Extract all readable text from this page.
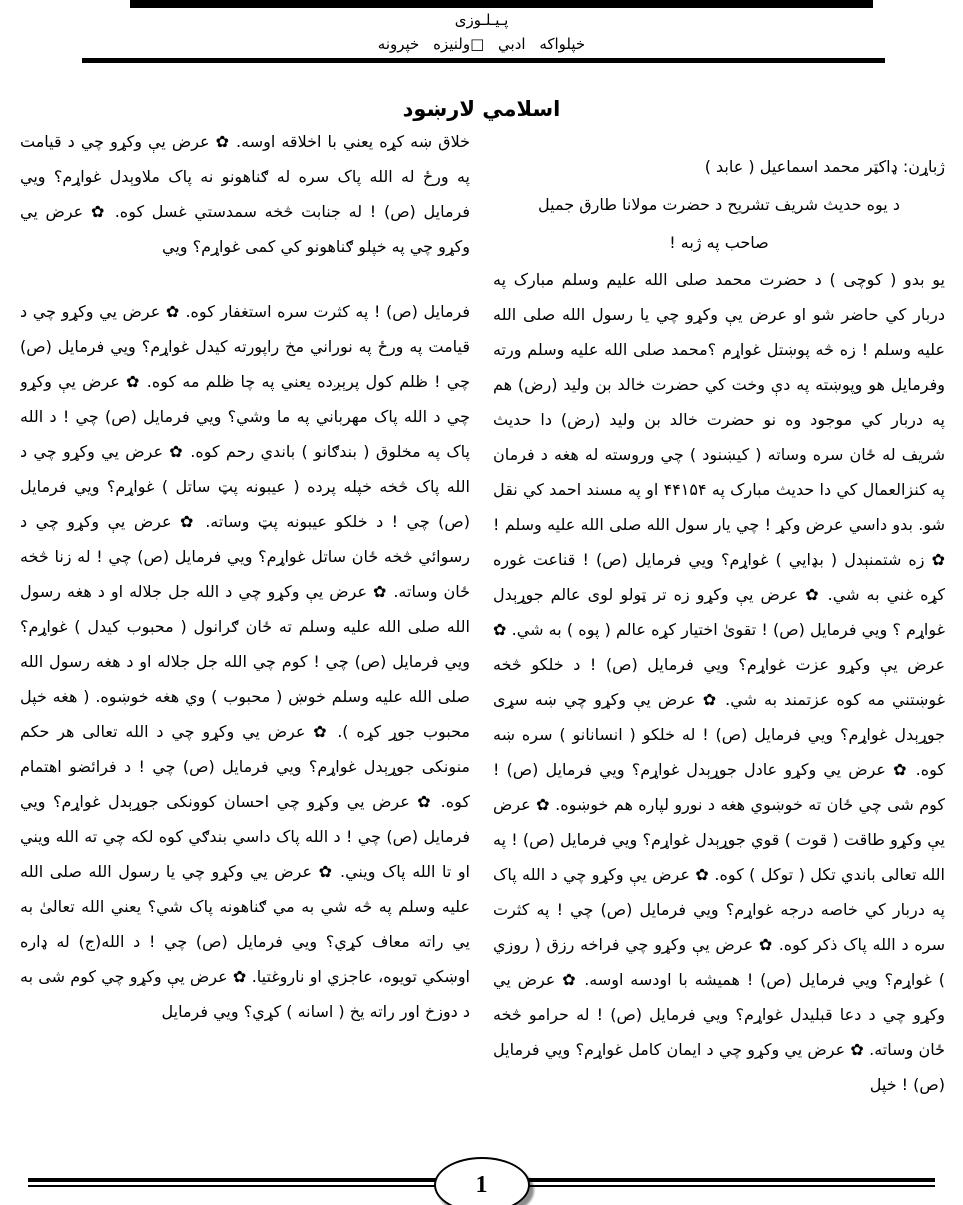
پـيـلـوزی
خپلواکه ادبي □ولنيزه خپرونه
اسلامي لارښود

ژباړن: ډاکټر محمد اسماعيل ( عابد )

د يوه حديث شريف تشريح د حضرت مولانا طارق جميل

صاحب په ژبه !

يو بدو ( کوچی ) د حضرت محمد صلی الله عليم وسلم مبارک په دربار کي حاضر شو او عرض يې وکړو چي يا رسول الله صلی الله عليه وسلم ! زه څه پوښتل غواړم ؟محمد صلی الله عليه وسلم ورته وفرمايل هو وپوښته په دې وخت کي حضرت خالد بن وليد (رض) هم په دربار کي موجود وه نو حضرت خالد بن وليد (رض) دا حديث شريف له ځان سره وساته ( کيښنود ) چي وروسته له هغه د فرمان په کنزالعمال کي دا حديث مبارک په ۴۴۱۵۴ او په مسند احمد کي نقل شو. بدو داسي عرض وکړ ! چي يار سول الله صلی الله عليه وسلم ! ✿ زه شتمنېدل ( بډايي ) غواړم؟ ويي فرمايل (ص) ! قناعت غوره کړه غني به شي. ✿ عرض يې وکړو زه تر ټولو لوی عالم جوړېدل غواړم ؟ ويي فرمايل (ص) ! تقویٰ اختيار کړه عالم ( پوه ) به شي. ✿ عرض يې وکړو عزت غواړم؟ ويي فرمايل (ص) ! د خلکو څخه غوښتني مه کوه عزتمند به شي. ✿ عرض يې وکړو چي ښه سړی جوړېدل غواړم؟ ويي فرمايل (ص) ! له خلکو ( انسانانو ) سره ښه کوه. ✿ عرض يي وکړو عادل جوړېدل غواړم؟ ويي فرمايل (ص) ! کوم شی چي ځان ته خوښوي هغه د نورو لپاره هم خوښوه. ✿ عرض يې وکړو طاقت ( قوت ) قوي جوړېدل غواړم؟ ويي فرمايل (ص) ! په الله تعالی باندي تکل ( توکل ) کوه. ✿ عرض يې وکړو چي د الله پاک په دربار کي خاصه درجه غواړم؟ ويي فرمايل (ص) چي ! په کثرت سره د الله پاک ذکر کوه. ✿ عرض يې وکړو چي فراخه رزق ( روزي ) غواړم؟ ويي فرمايل (ص) ! هميشه با اودسه اوسه. ✿ عرض يي وکړو چي د دعا قبليدل غواړم؟ ويي فرمايل (ص) ! له حرامو څخه ځان وساته. ✿ عرض يي وکړو چي د ايمان کامل غواړم؟ ويي فرمايل (ص) ! خپل

خلاق ښه کړه يعني با اخلاقه اوسه. ✿ عرض يې وکړو چي د قيامت په ورځ له الله پاک سره له ګناهونو نه پاک ملاوېدل غواړم؟ ويي فرمايل (ص) ! له جنابت څخه سمدستي غسل کوه. ✿ عرض يي وکړو چي په خپلو ګناهونو کي کمی غواړم؟ ويي

فرمايل (ص) ! په کثرت سره استغفار کوه. ✿ عرض يي وکړو چي د قيامت په ورځ په نوراني مخ راپورته کيدل غواړم؟ ويي فرمايل (ص) چي ! ظلم کول پرېږده يعني په چا ظلم مه کوه. ✿ عرض يې وکړو چي د الله پاک مهرباني په ما وشي؟ ويي فرمايل (ص) چي ! د الله پاک په مخلوق ( بندګانو ) باندي رحم کوه. ✿ عرض يي وکړو چي د الله پاک څخه خپله پرده ( عيبونه پټ ساتل ) غواړم؟ ويي فرمايل (ص) چي ! د خلکو عيبونه پټ وساته. ✿ عرض يې وکړو چي د رسوائي څخه ځان ساتل غواړم؟ ويي فرمايل (ص) چي ! له زنا څخه ځان وساته. ✿ عرض يې وکړو چي د الله جل جلاله او د هغه رسول الله صلی الله عليه وسلم ته ځان ګرانول ( محبوب کيدل ) غواړم؟ ويي فرمايل (ص) چي ! کوم چي الله جل جلاله او د هغه رسول الله صلی الله عليه وسلم خوښ ( محبوب ) وي هغه خوښوه. ( هغه خپل محبوب جوړ کړه ). ✿ عرض يي وکړو چي د الله تعالی هر حکم منونکی جوړېدل غواړم؟ ويي فرمايل (ص) چي ! د فرائضو اهتمام کوه. ✿ عرض يي وکړو چي احسان کوونکی جوړېدل غواړم؟ ويي فرمايل (ص) چي ! د الله پاک داسي بندګي کوه لکه چي ته الله ويني او تا الله پاک ويني. ✿ عرض يي وکړو چي يا رسول الله صلی الله عليه وسلم په څه شي به مي ګناهونه پاک شي؟ يعني الله تعالیٰ به يي راته معاف کړي؟ ويي فرمايل (ص) چي ! د الله(ج) له ډاره اوښکي تويوه، عاجزي او ناروغتيا. ✿ عرض يې وکړو چي کوم شی به د دوزخ اور راته يخ ( اسانه ) کړي؟ ويي فرمايل

1
